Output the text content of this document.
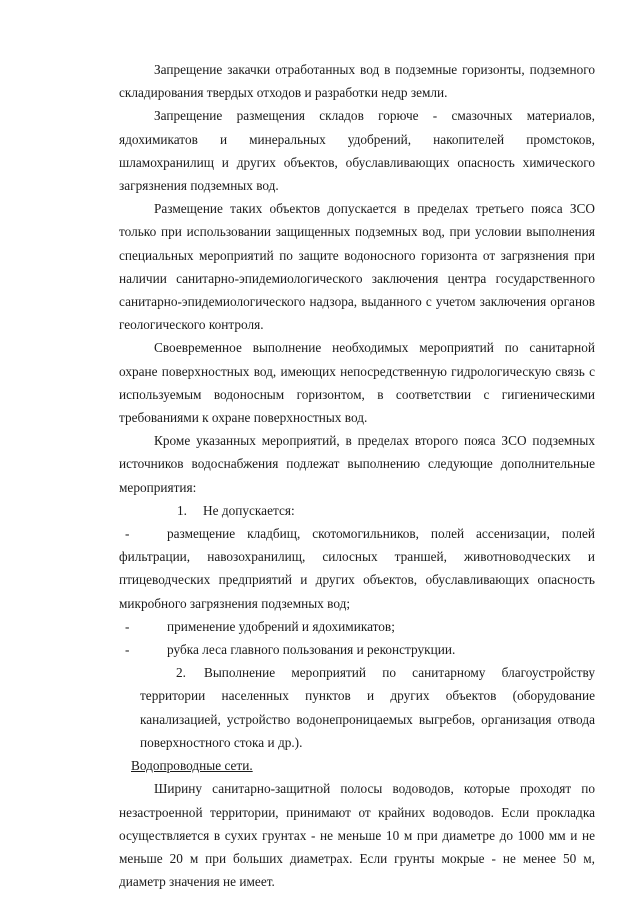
Запрещение закачки отработанных вод в подземные горизонты, подземного складирования твердых отходов и разработки недр земли.

Запрещение размещения складов горюче - смазочных материалов, ядохимикатов и минеральных удобрений, накопителей промстоков, шламохранилищ и других объектов, обуславливающих опасность химического загрязнения подземных вод.

Размещение таких объектов допускается в пределах третьего пояса ЗСО только при использовании защищенных подземных вод, при условии выполнения специальных мероприятий по защите водоносного горизонта от загрязнения при наличии санитарно-эпидемиологического заключения центра государственного санитарно-эпидемиологического надзора, выданного с учетом заключения органов геологического контроля.

Своевременное выполнение необходимых мероприятий по санитарной охране поверхностных вод, имеющих непосредственную гидрологическую связь с используемым водоносным горизонтом, в соответствии с гигиеническими требованиями к охране поверхностных вод.

Кроме указанных мероприятий, в пределах второго пояса ЗСО подземных источников водоснабжения подлежат выполнению следующие дополнительные мероприятия:

1. Не допускается:

-	размещение кладбищ, скотомогильников, полей ассенизации, полей фильтрации, навозохранилищ, силосных траншей, животноводческих и птицеводческих предприятий и других объектов, обуславливающих опасность микробного загрязнения подземных вод;

-	применение удобрений и ядохимикатов;

-	рубка леса главного пользования и реконструкции.

2. Выполнение мероприятий по санитарному благоустройству территории населенных пунктов и других объектов (оборудование канализацией, устройство водонепроницаемых выгребов, организация отвода поверхностного стока и др.).

Водопроводные сети.

Ширину санитарно-защитной полосы водоводов, которые проходят по незастроенной территории, принимают от крайних водоводов. Если прокладка осуществляется в сухих грунтах - не меньше 10 м при диаметре до 1000 мм и не меньше 20 м при больших диаметрах. Если грунты мокрые - не менее 50 м, диаметр значения не имеет.
